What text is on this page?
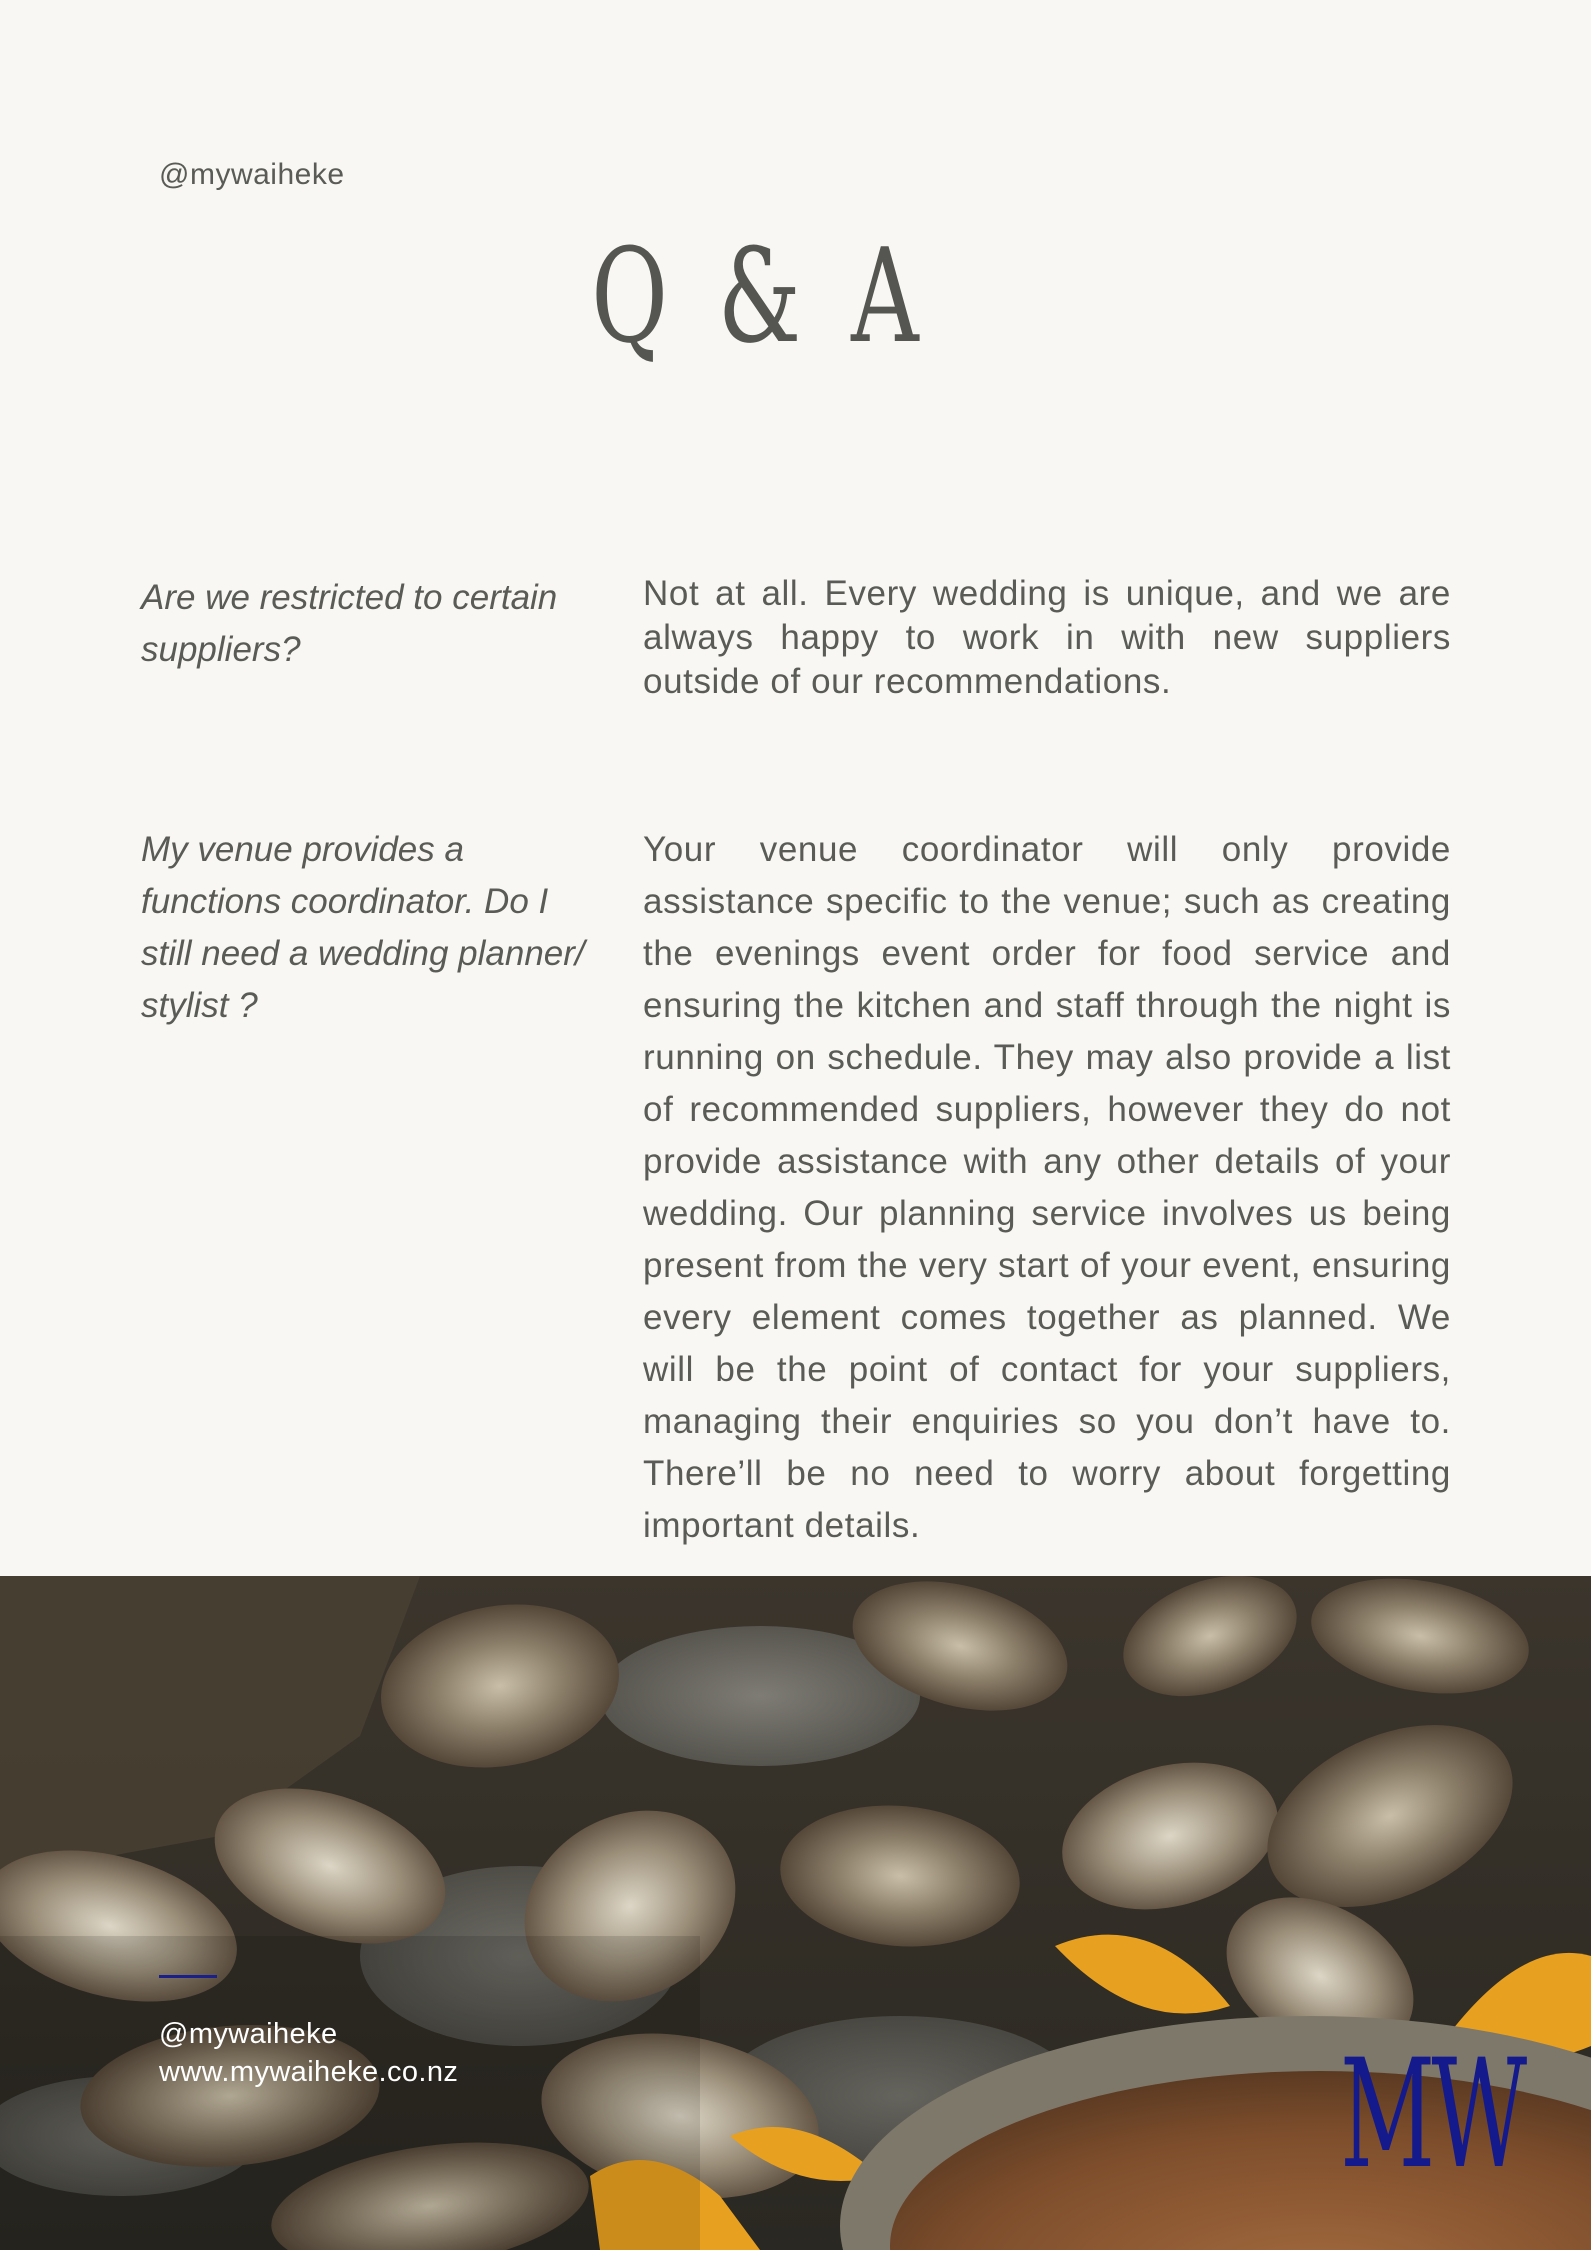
@mywaiheke
Q & A
Are we restricted to certain suppliers?
Not at all. Every wedding is unique, and we are always happy to work in with new suppliers outside of our recommendations.
My venue provides a functions coordinator. Do I still need a wedding planner/ stylist ?
Your venue coordinator will only provide assistance specific to the venue; such as creating the evenings event order for food service and ensuring the kitchen and staff through the night is running on schedule. They may also provide a list of recommended suppliers, however they do not provide assistance with any other details of your wedding. Our planning service involves us being present from the very start of your event, ensuring every element comes together as planned. We will be the point of contact for your suppliers, managing their enquiries so you don’t have to. There’ll be no need to worry about forgetting important details.
@mywaiheke
www.mywaiheke.co.nz	MW
